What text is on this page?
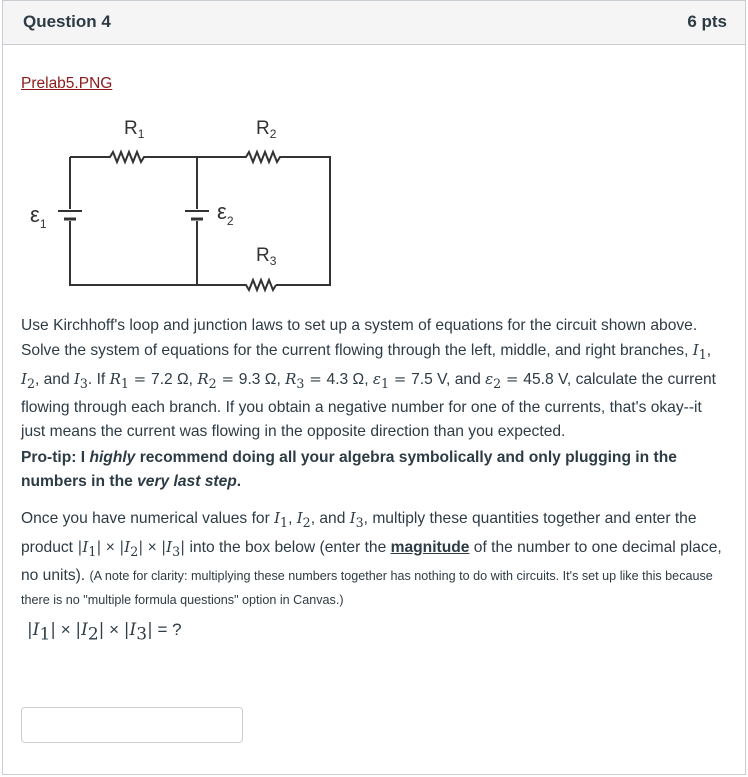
Question 4	6 pts
Prelab5.PNG
$R_1$	$R_2$
$R_3$
$\varepsilon_1$	$\varepsilon_2$

Use Kirchhoff's loop and junction laws to set up a system of equations for the circuit shown above. Solve the system of equations for the current flowing through the left, middle, and right branches, $I_1$, $I_2$, and $I_3$. If $R_1 = 7.2$ Ω, $R_2 = 9.3$ Ω, $R_3 = 4.3$ Ω, $\varepsilon_1 = 7.5$ V, and $\varepsilon_2 = 45.8$ V, calculate the current flowing through each branch. If you obtain a negative number for one of the currents, that's okay--it just means the current was flowing in the opposite direction than you expected.

Pro-tip: I highly recommend doing all your algebra symbolically and only plugging in the numbers in the very last step.

Once you have numerical values for $I_1$, $I_2$, and $I_3$, multiply these quantities together and enter the product $|I_1| \times |I_2| \times |I_3|$ into the box below (enter the magnitude of the number to one decimal place, no units). (A note for clarity: multiplying these numbers together has nothing to do with circuits. It's set up like this because there is no "multiple formula questions" option in Canvas.)

$|I_1| \times |I_2| \times |I_3|$ = ?
